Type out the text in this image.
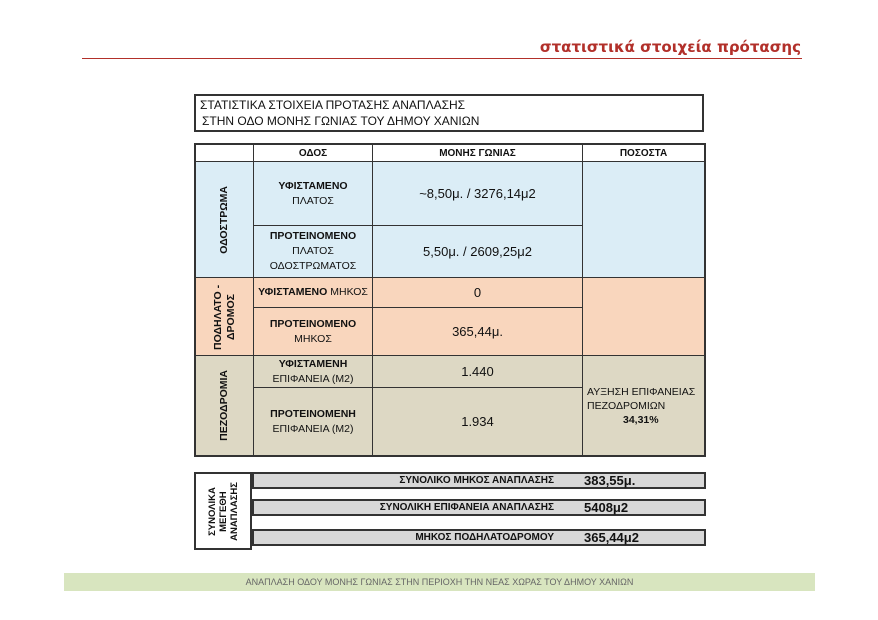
στατιστικά στοιχεία πρότασης
ΣΤΑΤΙΣΤΙΚΑ ΣΤΟΙΧΕΙΑ ΠΡΟΤΑΣΗΣ ΑΝΑΠΛΑΣΗΣ
ΣΤΗΝ ΟΔΟ ΜΟΝΗΣ ΓΩΝΙΑΣ ΤΟΥ ΔΗΜΟΥ ΧΑΝΙΩΝ
ΟΔΟΣ	ΜΟΝΗΣ ΓΩΝΙΑΣ	ΠΟΣΟΣΤΑ
ΟΔΟΣΤΡΩΜΑ
ΥΦΙΣΤΑΜΕΝΟ
ΠΛΑΤΟΣ	~8,50μ. / 3276,14μ2
ΠΡΟΤΕΙΝΟΜΕΝΟ
ΠΛΑΤΟΣ ΟΔΟΣΤΡΩΜΑΤΟΣ
5,50μ. / 2609,25μ2
ΠΟΔΗΛΑΤΟ - ΔΡΟΜΟΣ
ΥΦΙΣΤΑΜΕΝΟ ΜΗΚΟΣ	0
ΠΡΟΤΕΙΝΟΜΕΝΟ
ΜΗΚΟΣ	365,44μ.
ΠΕΖΟΔΡΟΜΙΑ
ΥΦΙΣΤΑΜΕΝΗ
ΕΠΙΦΑΝΕΙΑ (Μ2)	1.440
ΠΡΟΤΕΙΝΟΜΕΝΗ
ΕΠΙΦΑΝΕΙΑ (Μ2)	1.934
ΑΥΞΗΣΗ ΕΠΙΦΑΝΕΙΑΣ
ΠΕΖΟΔΡΟΜΙΩΝ
34,31%
ΣΥΝΟΛΙΚΑ ΜΕΓΕΘΗ ΑΝΑΠΛΑΣΗΣ
ΣΥΝΟΛΙΚΟ ΜΗΚΟΣ ΑΝΑΠΛΑΣΗΣ 383,55μ.
ΣΥΝΟΛΙΚΗ ΕΠΙΦΑΝΕΙΑ ΑΝΑΠΛΑΣΗΣ 5408μ2
ΜΗΚΟΣ ΠΟΔΗΛΑΤΟΔΡΟΜΟΥ 365,44μ2
ΑΝΑΠΛΑΣΗ ΟΔΟΥ ΜΟΝΗΣ ΓΩΝΙΑΣ ΣΤΗΝ ΠΕΡΙΟΧΗ ΤΗΝ ΝΕΑΣ ΧΩΡΑΣ ΤΟΥ ΔΗΜΟΥ ΧΑΝΙΩΝ
